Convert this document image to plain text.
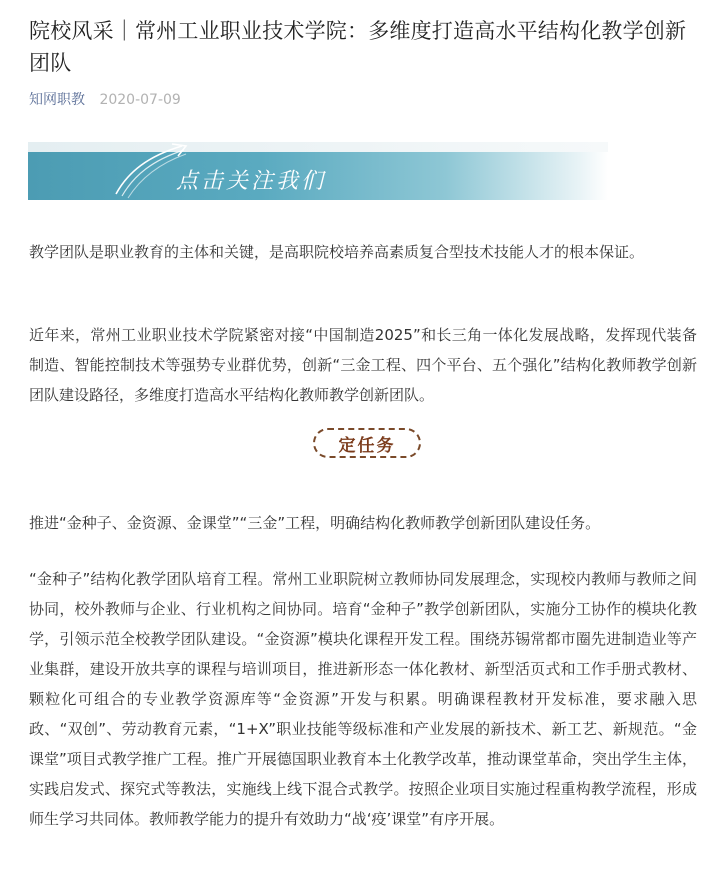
院校风采｜常州工业职业技术学院：多维度打造高水平结构化教学创新团队
知网职教 2020-07-09
点击关注我们

教学团队是职业教育的主体和关键，是高职院校培养高素质复合型技术技能人才的根本保证。

近年来，常州工业职业技术学院紧密对接“中国制造2025”和长三角一体化发展战略，发挥现代装备制造、智能控制技术等强势专业群优势，创新“三金工程、四个平台、五个强化”结构化教师教学创新团队建设路径，多维度打造高水平结构化教师教学创新团队。

定任务

推进“金种子、金资源、金课堂”“三金”工程，明确结构化教师教学创新团队建设任务。

“金种子”结构化教学团队培育工程。常州工业职院树立教师协同发展理念，实现校内教师与教师之间协同，校外教师与企业、行业机构之间协同。培育“金种子”教学创新团队，实施分工协作的模块化教学，引领示范全校教学团队建设。“金资源”模块化课程开发工程。围绕苏锡常都市圈先进制造业等产业集群，建设开放共享的课程与培训项目，推进新形态一体化教材、新型活页式和工作手册式教材、颗粒化可组合的专业教学资源库等“金资源”开发与积累。明确课程教材开发标准，要求融入思政、“双创”、劳动教育元素，“1+X”职业技能等级标准和产业发展的新技术、新工艺、新规范。“金课堂”项目式教学推广工程。推广开展德国职业教育本土化教学改革，推动课堂革命，突出学生主体，实践启发式、探究式等教法，实施线上线下混合式教学。按照企业项目实施过程重构教学流程，形成师生学习共同体。教师教学能力的提升有效助力“战‘疫’课堂”有序开展。
